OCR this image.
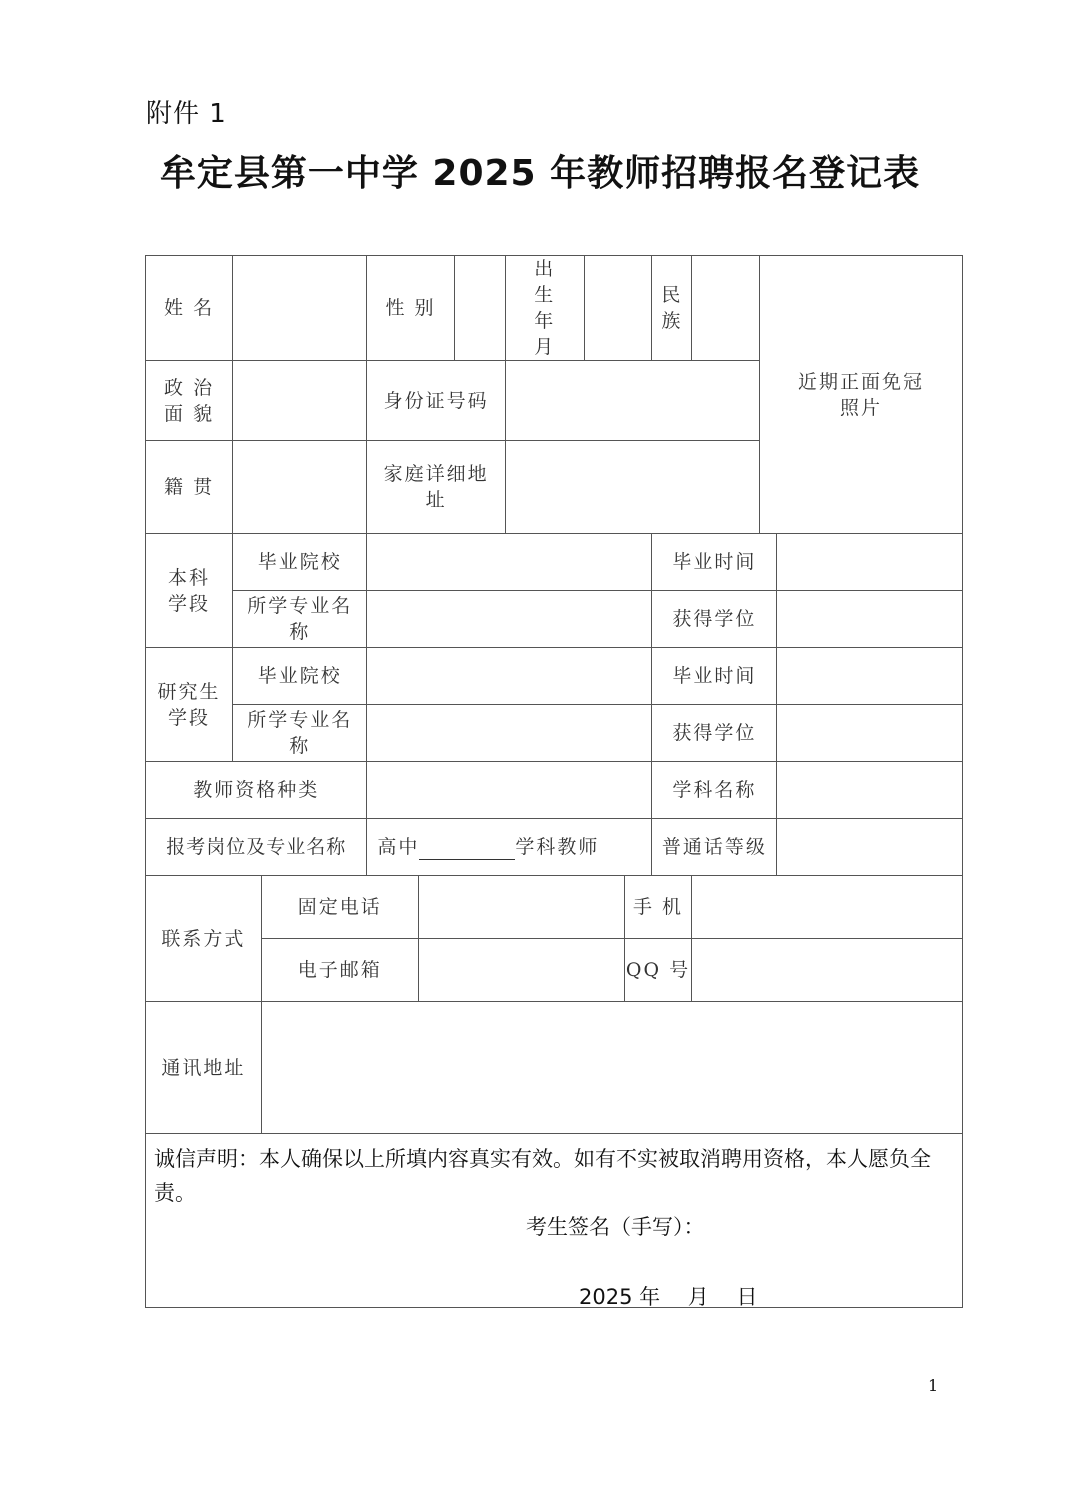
附件 1
牟定县第一中学 2025 年教师招聘报名登记表
姓 名			性 别			出 生 年 月			民族		近期正面免冠照片	
政 治 面 貌			身份证号码									
籍 贯			家庭详细地址									
本科学段	毕业院校								毕业时间			
	所学专业名称								获得学位			
研究生学段	毕业院校								毕业时间			
	所学专业名称								获得学位			
教师资格种类									学科名称			
报考岗位及专业名称			高中 学科教师						普通话等级			
联系方式		固定电话						手 机				
		电子邮箱						QQ 号				
通讯地址												

诚信声明：本人确保以上所填内容真实有效。如有不实被取消聘用资格，本人愿负全责。
考生签名（手写）：
2025 年　 月　 日												
1
